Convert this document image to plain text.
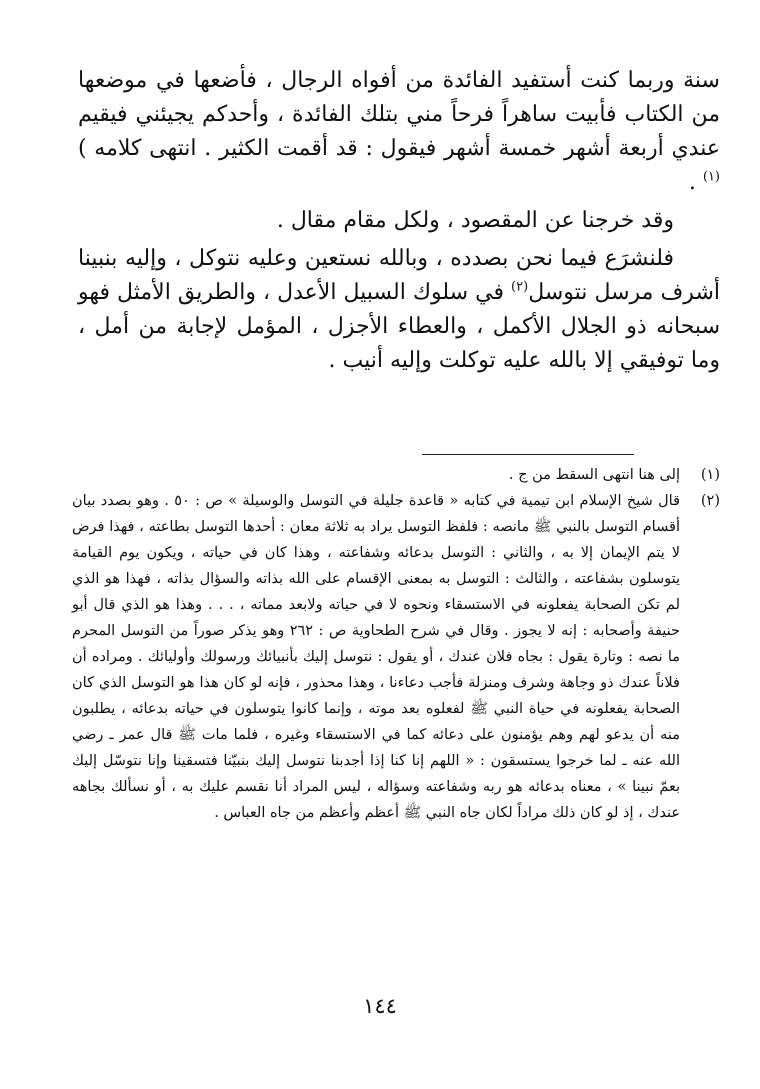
سنة وربما كنت أستفيد الفائدة من أفواه الرجال ، فأضعها في موضعها من الكتاب فأبيت ساهراً فرحاً مني بتلك الفائدة ، وأحدكم يجيئني فيقيم عندي أربعة أشهر خمسة أشهر فيقول : قد أقمت الكثير . انتهى كلامه )$^{(١)}$ .

وقد خرجنا عن المقصود ، ولكل مقام مقال .

فلنشرَع فيما نحن بصدده ، وبالله نستعين وعليه نتوكل ، وإليه بنبينا أشرف مرسل نتوسل$^{(٢)}$ في سلوك السبيل الأعدل ، والطريق الأمثل فهو سبحانه ذو الجلال الأكمل ، والعطاء الأجزل ، المؤمل لإجابة من أمل ، وما توفيقي إلا بالله عليه توكلت وإليه أنيب .

(١)

إلى هنا انتهى السقط من ج .

(٢)

قال شيخ الإسلام ابن تيمية في كتابه « قاعدة جليلة في التوسل والوسيلة » ص : ٥٠ . وهو بصدد بيان أقسام التوسل بالنبي ﷺ مانصه : فلفظ التوسل يراد به ثلاثة معان : أحدها التوسل بطاعته ، فهذا فرض لا يتم الإيمان إلا به ، والثاني : التوسل بدعائه وشفاعته ، وهذا كان في حياته ، ويكون يوم القيامة يتوسلون بشفاعته ، والثالث : التوسل به بمعنى الإقسام على الله بذاته والسؤال بذاته ، فهذا هو الذي لم تكن الصحابة يفعلونه في الاستسقاء ونحوه لا في حياته ولابعد مماته ، . . . وهذا هو الذي قال أبو حنيفة وأصحابه : إنه لا يجوز . وقال في شرح الطحاوية ص : ٢٦٢ وهو يذكر صوراً من التوسل المحرم ما نصه : وتارة يقول : بجاه فلان عندك ، أو يقول : نتوسل إليك بأنبيائك ورسولك وأوليائك . ومراده أن فلاناً عندك ذو وجاهة وشرف ومنزلة فأجب دعاءنا ، وهذا محذور ، فإنه لو كان هذا هو التوسل الذي كان الصحابة يفعلونه في حياة النبي ﷺ لفعلوه بعد موته ، وإنما كانوا يتوسلون في حياته بدعائه ، يطلبون منه أن يدعو لهم وهم يؤمنون على دعائه كما في الاستسقاء وغيره ، فلما مات ﷺ قال عمر ـ رضي الله عنه ـ لما خرجوا يستسقون : « اللهم إنا كنا إذا أجدبنا نتوسل إليك بنبيّنا فتسقينا وإنا نتوسّل إليك بعمّ نبينا » ، معناه بدعائه هو ربه وشفاعته وسؤاله ، ليس المراد أنا نقسم عليك به ، أو نسألك بجاهه عندك ، إذ لو كان ذلك مراداً لكان جاه النبي ﷺ أعظم وأعظم من جاه العباس .

١٤٤
